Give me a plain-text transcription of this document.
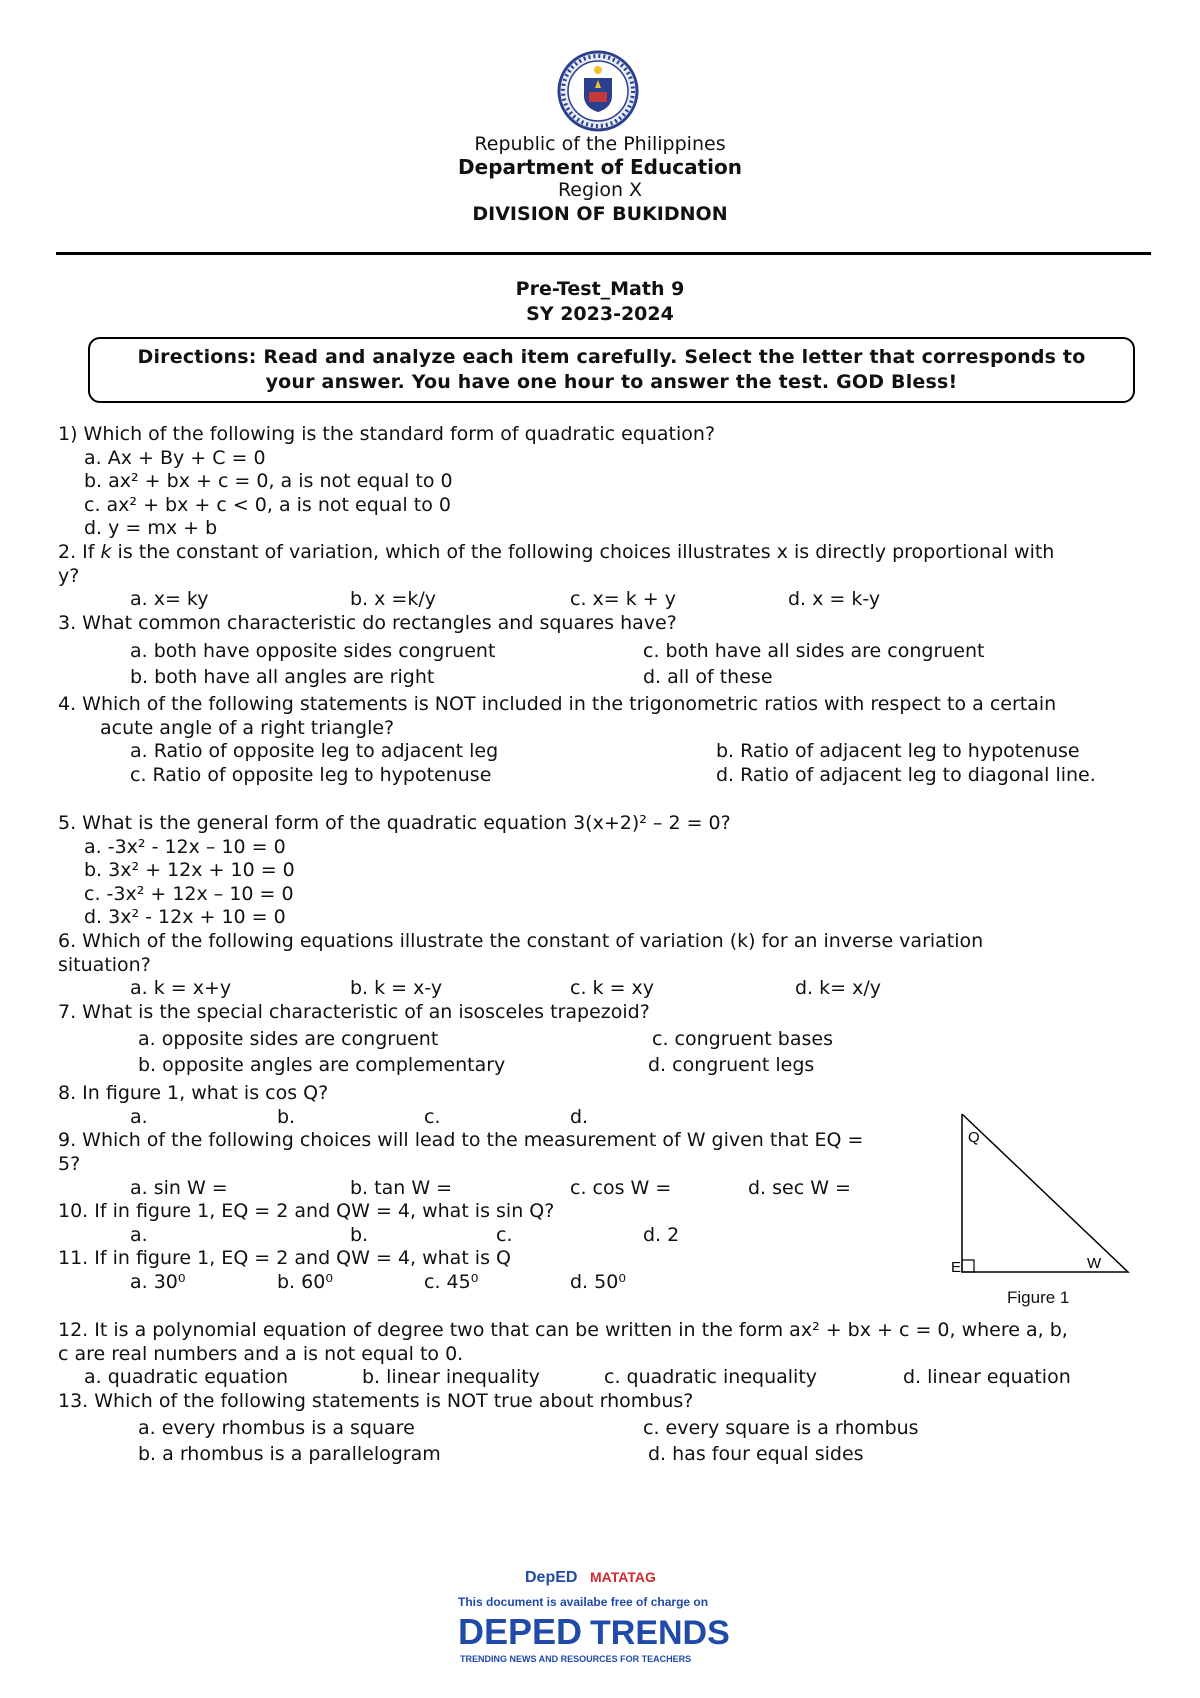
Republic of the Philippines
Department of Education
Region X
DIVISION OF BUKIDNON
Pre-Test_Math 9
SY 2023-2024
Directions: Read and analyze each item carefully. Select the letter that corresponds to
your answer. You have one hour to answer the test. GOD Bless!
1) Which of the following is the standard form of quadratic equation?
a. Ax + By + C = 0
b. ax² + bx + c = 0, a is not equal to 0
c. ax² + bx + c < 0, a is not equal to 0
d. y = mx + b
2. If k is the constant of variation, which of the following choices illustrates x is directly proportional with
y?
a. x= ky	b. x =k/y	c. x= k + y	d. x = k-y
3. What common characteristic do rectangles and squares have?
a. both have opposite sides congruent	c. both have all sides are congruent
b. both have all angles are right	d. all of these
4. Which of the following statements is NOT included in the trigonometric ratios with respect to a certain
acute angle of a right triangle?
a. Ratio of opposite leg to adjacent leg	b. Ratio of adjacent leg to hypotenuse
c. Ratio of opposite leg to hypotenuse	d. Ratio of adjacent leg to diagonal line.
5. What is the general form of the quadratic equation 3(x+2)² – 2 = 0?
a. -3x² - 12x – 10 = 0
b. 3x² + 12x + 10 = 0
c. -3x² + 12x – 10 = 0
d. 3x² - 12x + 10 = 0
6. Which of the following equations illustrate the constant of variation (k) for an inverse variation
situation?
a. k = x+y	b. k = x-y	c. k = xy	d. k= x/y
7. What is the special characteristic of an isosceles trapezoid?
a. opposite sides are congruent	c. congruent bases
b. opposite angles are complementary	d. congruent legs
8. In figure 1, what is cos Q?
a.	b.	c.	d.
9. Which of the following choices will lead to the measurement of W given that EQ =
5?
a. sin W =	b. tan W =	c. cos W =	d. sec W =
10. If in figure 1, EQ = 2 and QW = 4, what is sin Q?
a.	b.	c.	d. 2
11. If in figure 1, EQ = 2 and QW = 4, what is Q
a. 30⁰	b. 60⁰	c. 45⁰	d. 50⁰
Q
E	W
Figure 1
12. It is a polynomial equation of degree two that can be written in the form ax² + bx + c = 0, where a, b,
c are real numbers and a is not equal to 0.
a. quadratic equation	b. linear inequality	c. quadratic inequality	d. linear equation
13. Which of the following statements is NOT true about rhombus?
a. every rhombus is a square	c. every square is a rhombus
b. a rhombus is a parallelogram	d. has four equal sides
DepED MATATAG
This document is availabe free of charge on
DEPED TRENDS
TRENDING NEWS AND RESOURCES FOR TEACHERS
